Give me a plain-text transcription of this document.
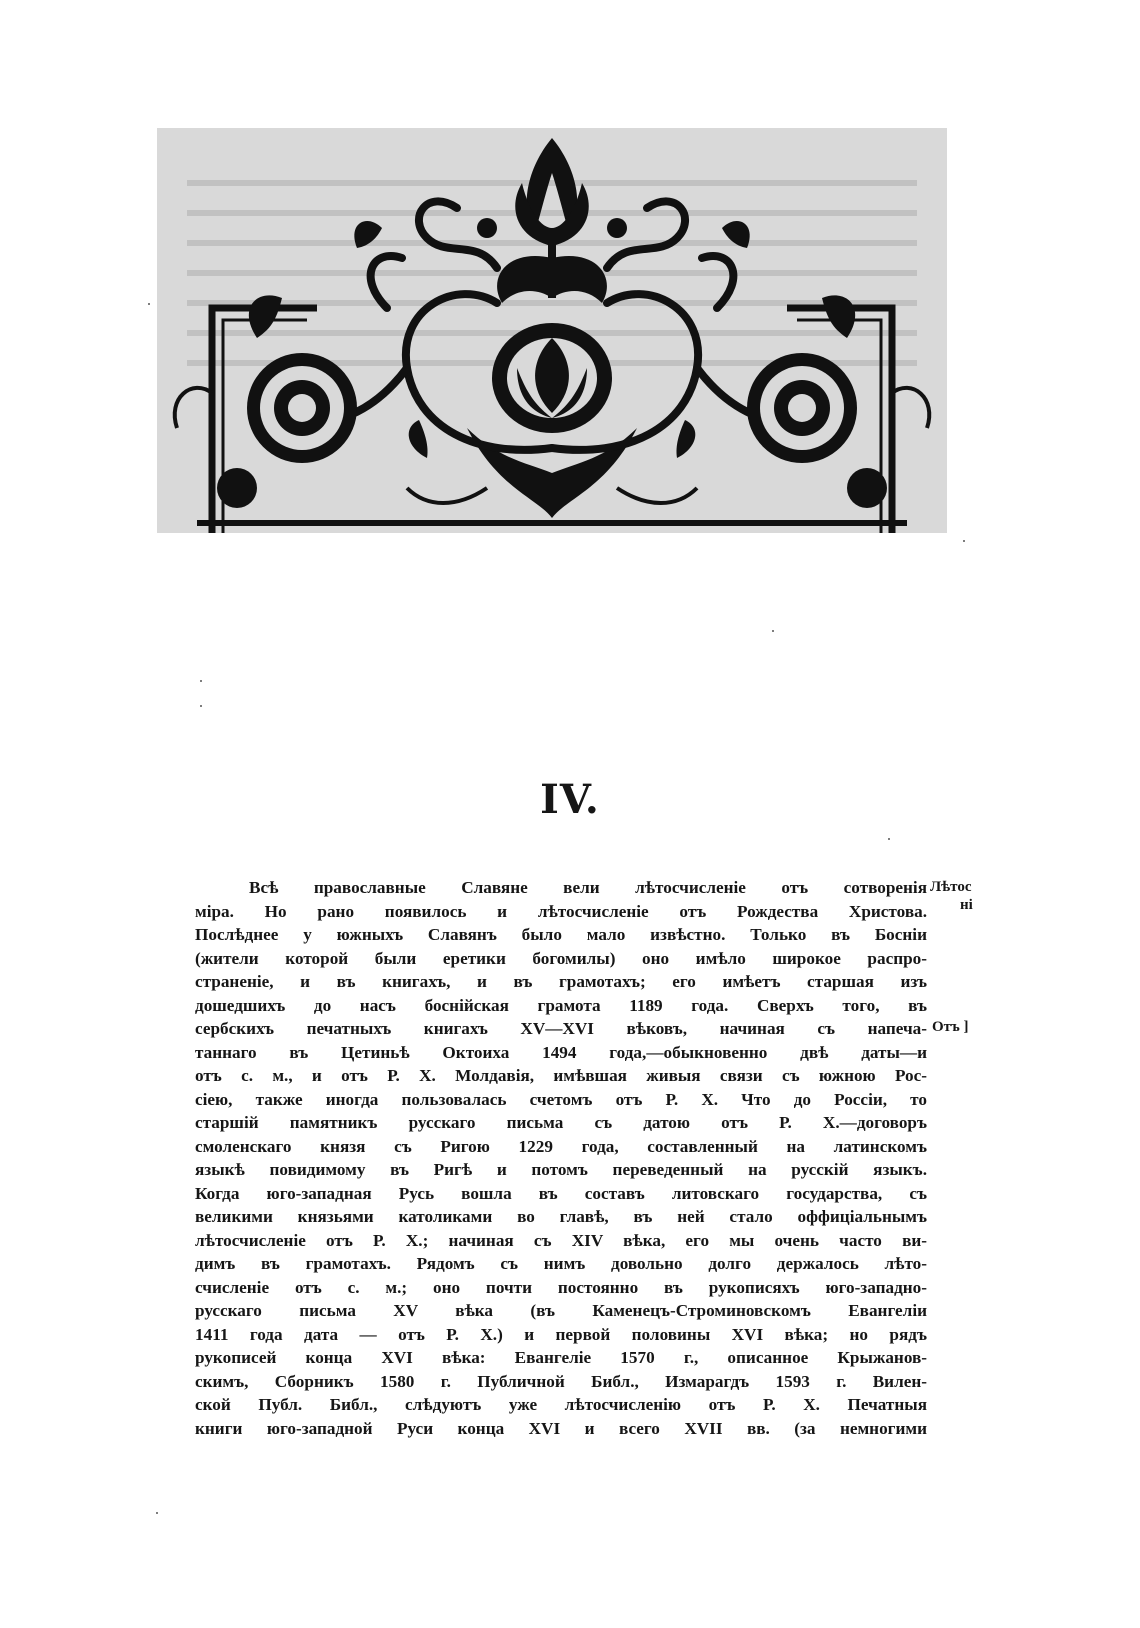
IV.
Всѣ православные Славяне вели лѣтосчисленіе отъ сотворенія
міра. Но рано появилось и лѣтосчисленіе отъ Рождества Христова.
Послѣднее у южныхъ Славянъ было мало извѣстно. Только въ Босніи
(жители которой были еретики богомилы) оно имѣло широкое распро-
страненіе, и въ книгахъ, и въ грамотахъ; его имѣетъ старшая изъ
дошедшихъ до насъ боснійская грамота 1189 года. Сверхъ того, въ
сербскихъ печатныхъ книгахъ XV—XVI вѣковъ, начиная съ напеча-
таннаго въ Цетиньѣ Октоиха 1494 года,—обыкновенно двѣ даты—и
отъ с. м., и отъ Р. Х. Молдавія, имѣвшая живыя связи съ южною Рос-
сіею, также иногда пользовалась счетомъ отъ Р. Х. Что до Россіи, то
старшій памятникъ русскаго письма съ датою отъ Р. Х.—договоръ
смоленскаго князя съ Ригою 1229 года, составленный на латинскомъ
языкѣ повидимому въ Ригѣ и потомъ переведенный на русскій языкъ.
Когда юго-западная Русь вошла въ составъ литовскаго государства, съ
великими князьями католиками во главѣ, въ ней стало оффиціальнымъ
лѣтосчисленіе отъ Р. Х.; начиная съ XIV вѣка, его мы очень часто ви-
димъ въ грамотахъ. Рядомъ съ нимъ довольно долго держалось лѣто-
счисленіе отъ с. м.; оно почти постоянно въ рукописяхъ юго-западно-
русскаго письма XV вѣка (въ Каменецъ-Строминовскомъ Евангеліи
1411 года дата — отъ Р. Х.) и первой половины XVI вѣка; но рядъ
рукописей конца XVI вѣка: Евангеліе 1570 г., описанное Крыжанов-
скимъ, Сборникъ 1580 г. Публичной Библ., Измарагдъ 1593 г. Вилен-
ской Публ. Библ., слѣдуютъ уже лѣтосчисленію отъ Р. Х. Печатныя
книги юго-западной Руси конца XVI и всего XVII вв. (за немногими
Лѣтос
ні
Отъ ]
